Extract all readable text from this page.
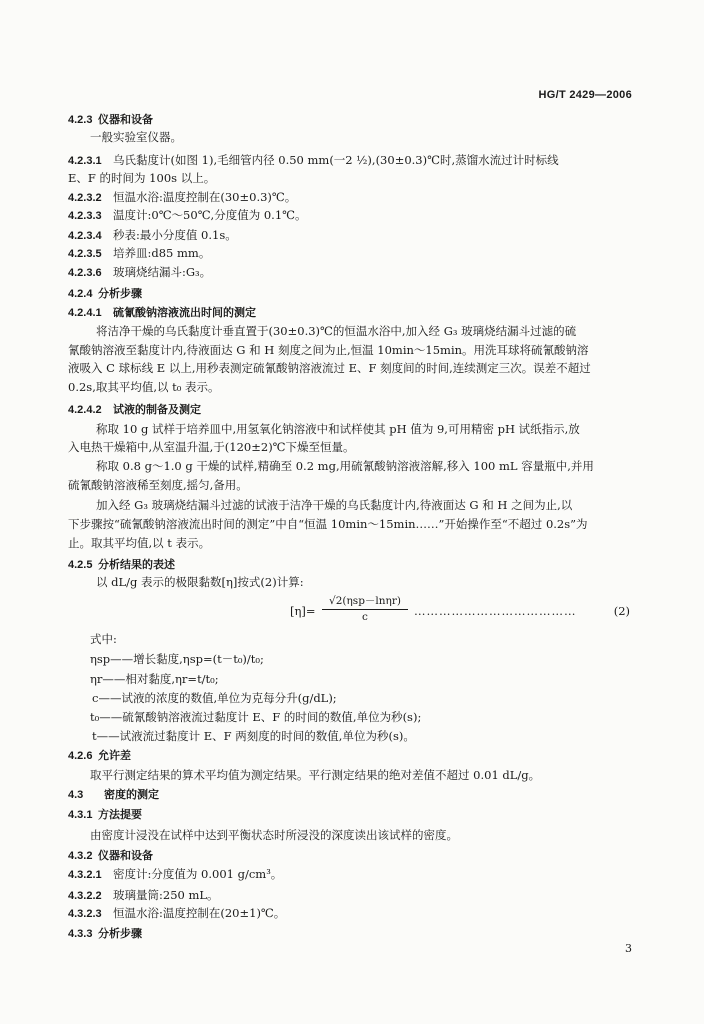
HG/T 2429—2006
4.2.3 仪器和设备
一般实验室仪器。
4.2.3.1 乌氏黏度计(如图 1),毛细管内径 0.50 mm(一2 ½),(30±0.3)℃时,蒸馏水流过计时标线
E、F 的时间为 100s 以上。
4.2.3.2 恒温水浴:温度控制在(30±0.3)℃。
4.2.3.3 温度计:0℃～50℃,分度值为 0.1℃。
4.2.3.4 秒表:最小分度值 0.1s。
4.2.3.5 培养皿:d85 mm。
4.2.3.6 玻璃烧结漏斗:G₃。
4.2.4 分析步骤
4.2.4.1 硫氰酸钠溶液流出时间的测定
将洁净干燥的乌氏黏度计垂直置于(30±0.3)℃的恒温水浴中,加入经 G₃ 玻璃烧结漏斗过滤的硫
氰酸钠溶液至黏度计内,待液面达 G 和 H 刻度之间为止,恒温 10min～15min。用洗耳球将硫氰酸钠溶
液吸入 C 球标线 E 以上,用秒表测定硫氰酸钠溶液流过 E、F 刻度间的时间,连续测定三次。误差不超过
0.2s,取其平均值,以 t₀ 表示。
4.2.4.2 试液的制备及测定
称取 10 g 试样于培养皿中,用氢氧化钠溶液中和试样使其 pH 值为 9,可用精密 pH 试纸指示,放
入电热干燥箱中,从室温升温,于(120±2)℃下燥至恒量。
称取 0.8 g～1.0 g 干燥的试样,精确至 0.2 mg,用硫氰酸钠溶液溶解,移入 100 mL 容量瓶中,并用
硫氰酸钠溶液稀至刻度,摇匀,备用。
加入经 G₃ 玻璃烧结漏斗过滤的试液于洁净干燥的乌氏黏度计内,待液面达 G 和 H 之间为止,以
下步骤按“硫氰酸钠溶液流出时间的测定”中自“恒温 10min～15min……”开始操作至“不超过 0.2s”为
止。取其平均值,以 t 表示。
4.2.5 分析结果的表述
以 dL/g 表示的极限黏数[η]按式(2)计算:
式中:
ηsp——增长黏度,ηsp=(t－t₀)/t₀;
ηr——相对黏度,ηr=t/t₀;
c——试液的浓度的数值,单位为克每分升(g/dL);
t₀——硫氰酸钠溶液流过黏度计 E、F 的时间的数值,单位为秒(s);
t——试液流过黏度计 E、F 两刻度的时间的数值,单位为秒(s)。
4.2.6 允许差
取平行测定结果的算术平均值为测定结果。平行测定结果的绝对差值不超过 0.01 dL/g。
4.3 密度的测定
4.3.1 方法提要
由密度计浸没在试样中达到平衡状态时所浸没的深度读出该试样的密度。
4.3.2 仪器和设备
4.3.2.1 密度计:分度值为 0.001 g/cm³。
4.3.2.2 玻璃量筒:250 mL。
4.3.2.3 恒温水浴:温度控制在(20±1)℃。
4.3.3 分析步骤
[η]=
√2(ηsp－lnηr)
c	…………………………………	(2)
3
